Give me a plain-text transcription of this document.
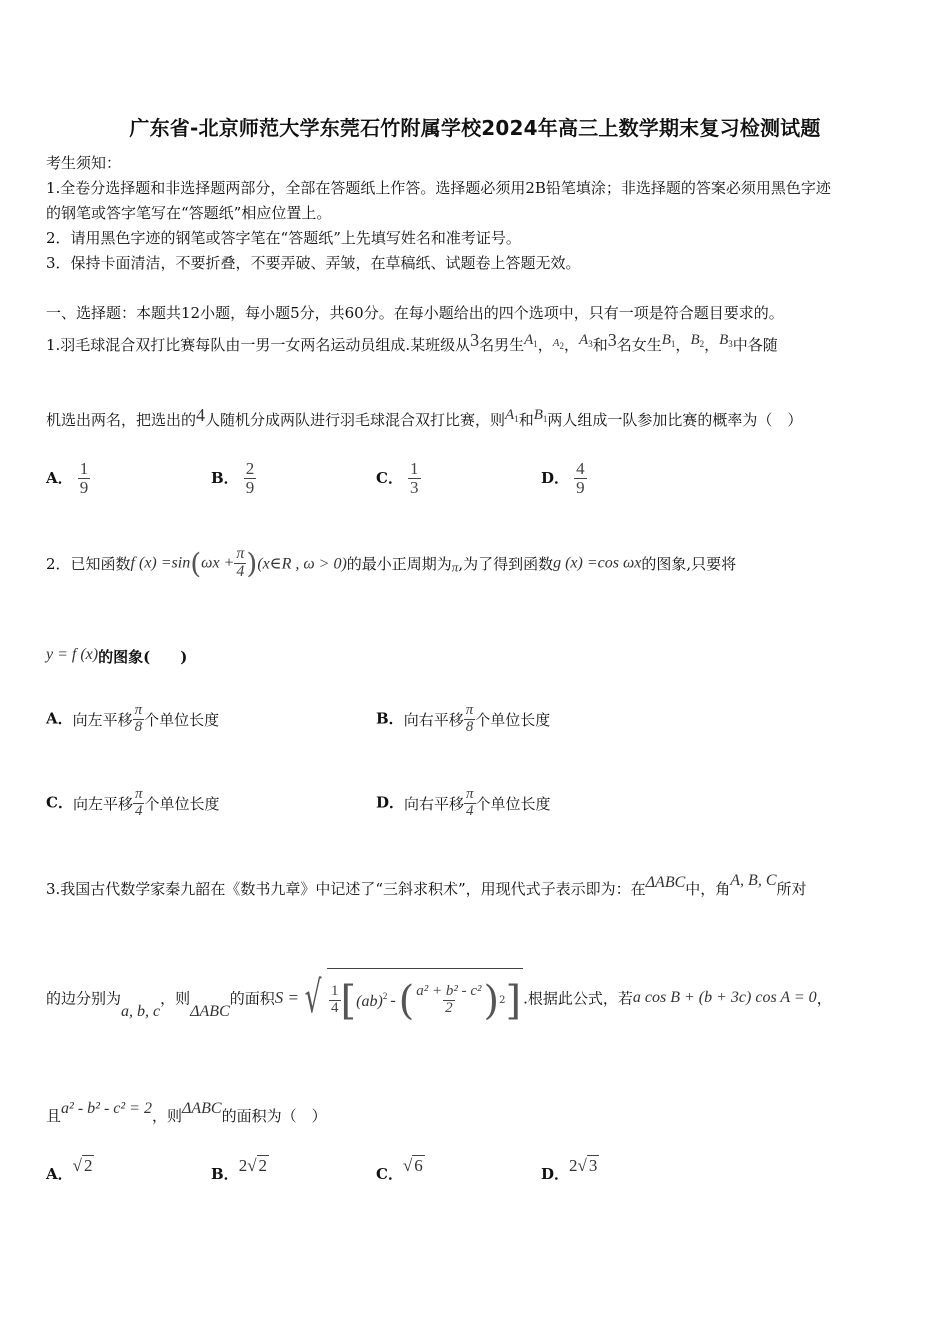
广东省-北京师范大学东莞石竹附属学校2024年高三上数学期末复习检测试题
考生须知：
1.全卷分选择题和非选择题两部分，全部在答题纸上作答。选择题必须用2B铅笔填涂；非选择题的答案必须用黑色字迹
的钢笔或答字笔写在“答题纸”相应位置上。
2．请用黑色字迹的钢笔或答字笔在“答题纸”上先填写姓名和准考证号。
3．保持卡面清洁，不要折叠，不要弄破、弄皱，在草稿纸、试题卷上答题无效。
一、选择题：本题共12小题，每小题5分，共60分。在每小题给出的四个选项中，只有一项是符合题目要求的。
1.羽毛球混合双打比赛每队由一男一女两名运动员组成.某班级从3名男生$A_1$，$^{A_2}$，$A_3$和3名女生$B_1$，$B_2$，$B_3$中各随
机选出两名，把选出的4人随机分成两队进行羽毛球混合双打比赛，则$A_1$和$B_1$两人组成一队参加比赛的概率为（　）
A． $\frac{1}{9}$	B． $\frac{2}{9}$	C． $\frac{1}{3}$	D． $\frac{4}{9}$
2．已知函数f $(x) =\sin(\omega x + \frac{\pi}{4}$ )(x∈R , ω > 0)的最小正周期为π,为了得到函数g (x) =cos ωx的图象,只要将
y = f (x)的图象(　　)
A．向左平移 $\frac{\pi}{8}$ 个单位长度	B．向右平移 $\frac{\pi}{8}$ 个单位长度
C．向左平移 $\frac{\pi}{4}$ 个单位长度	D．向右平移 $\frac{\pi}{4}$ 个单位长度
3.我国古代数学家秦九韶在《数书九章》中记述了“三斜求积术”，用现代式子表示即为：在ΔABC中，角A, B, C所对
的边分别为a, b, c，则ΔABC的面积S = √ $\frac{1}{4}$ [ (ab)$^2$ - ( $\frac{\text{a² + b² - c²}}{2}$ ) 2 ] .根据此公式，若a cos B + (b + 3c) cos A = 0，
且a² - b² - c² = 2，则ΔABC的面积为（　）
A．√ 2	B．2√ 2	C．√ 6	D．2√ 3
